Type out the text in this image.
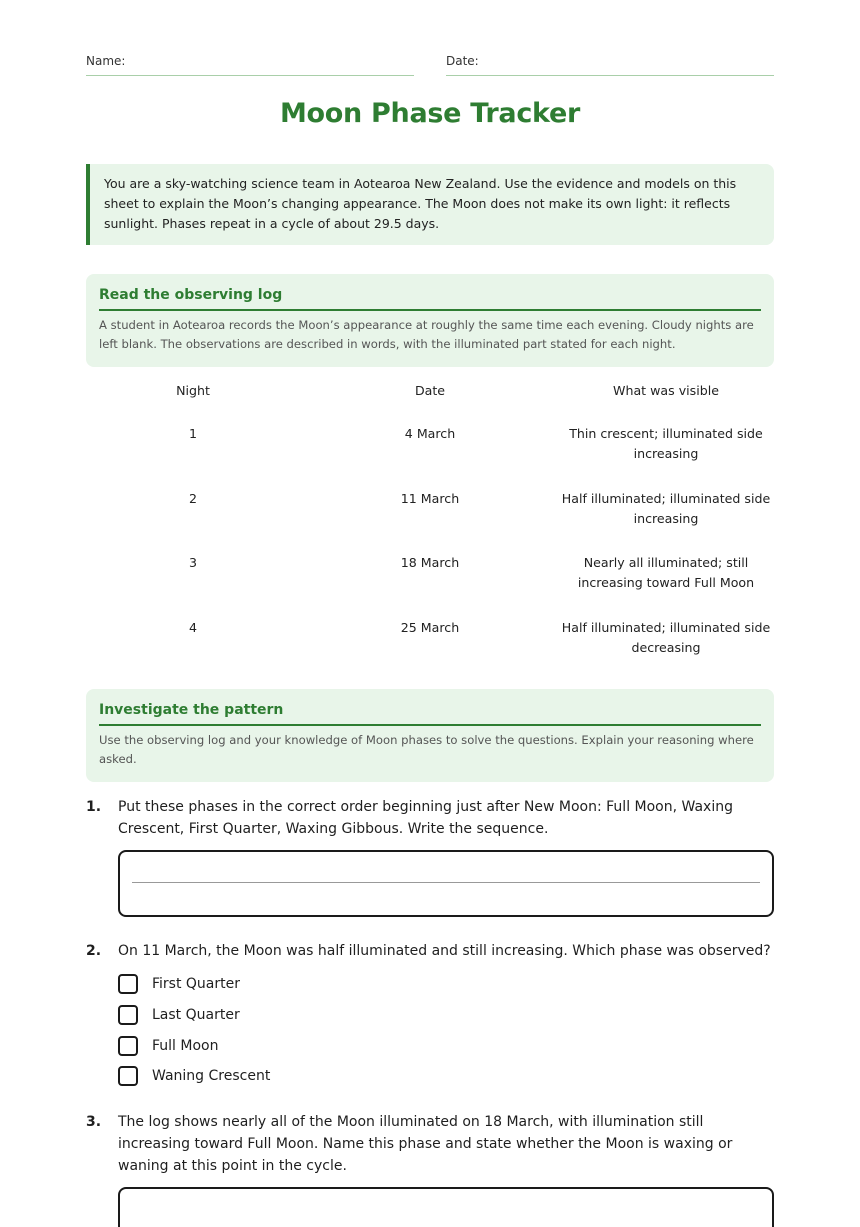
Name:	Date:
Moon Phase Tracker
You are a sky-watching science team in Aotearoa New Zealand. Use the evidence and models on this sheet to explain the Moon’s changing appearance. The Moon does not make its own light: it reflects sunlight. Phases repeat in a cycle of about 29.5 days.
Read the observing log
A student in Aotearoa records the Moon’s appearance at roughly the same time each evening. Cloudy nights are left blank. The observations are described in words, with the illuminated part stated for each night.
Night	Date	What was visible
1	4 March	Thin crescent; illuminated side increasing
2	11 March	Half illuminated; illuminated side increasing
3	18 March	Nearly all illuminated; still increasing toward Full Moon
4	25 March	Half illuminated; illuminated side decreasing
Investigate the pattern
Use the observing log and your knowledge of Moon phases to solve the questions. Explain your reasoning where asked.
1. Put these phases in the correct order beginning just after New Moon: Full Moon, Waxing Crescent, First Quarter, Waxing Gibbous. Write the sequence.
2. On 11 March, the Moon was half illuminated and still increasing. Which phase was observed?
First Quarter
Last Quarter
Full Moon
Waning Crescent
3. The log shows nearly all of the Moon illuminated on 18 March, with illumination still increasing toward Full Moon. Name this phase and state whether the Moon is waxing or waning at this point in the cycle.
